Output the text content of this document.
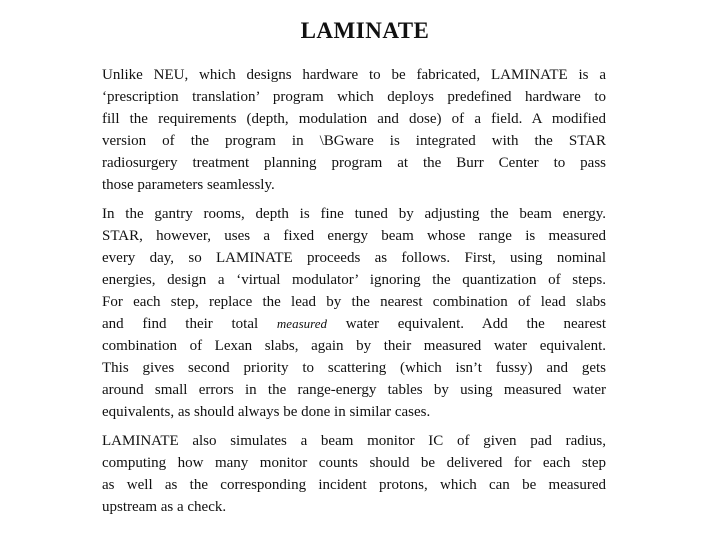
LAMINATE

Unlike NEU, which designs hardware to be fabricated, LAMINATE is a
‘prescription translation’ program which deploys predefined hardware to
fill the requirements (depth, modulation and dose) of a field. A modified
version of the program in \BGware is integrated with the STAR
radiosurgery treatment planning program at the Burr Center to pass
those parameters seamlessly.

In the gantry rooms, depth is fine tuned by adjusting the beam energy.
STAR, however, uses a fixed energy beam whose range is measured
every day, so LAMINATE proceeds as follows. First, using nominal
energies, design a ‘virtual modulator’ ignoring the quantization of steps.
For each step, replace the lead by the nearest combination of lead slabs
and find their total measured water equivalent. Add the nearest
combination of Lexan slabs, again by their measured water equivalent.
This gives second priority to scattering (which isn’t fussy) and gets
around small errors in the range-energy tables by using measured water
equivalents, as should always be done in similar cases.

LAMINATE also simulates a beam monitor IC of given pad radius,
computing how many monitor counts should be delivered for each step
as well as the corresponding incident protons, which can be measured
upstream as a check.
